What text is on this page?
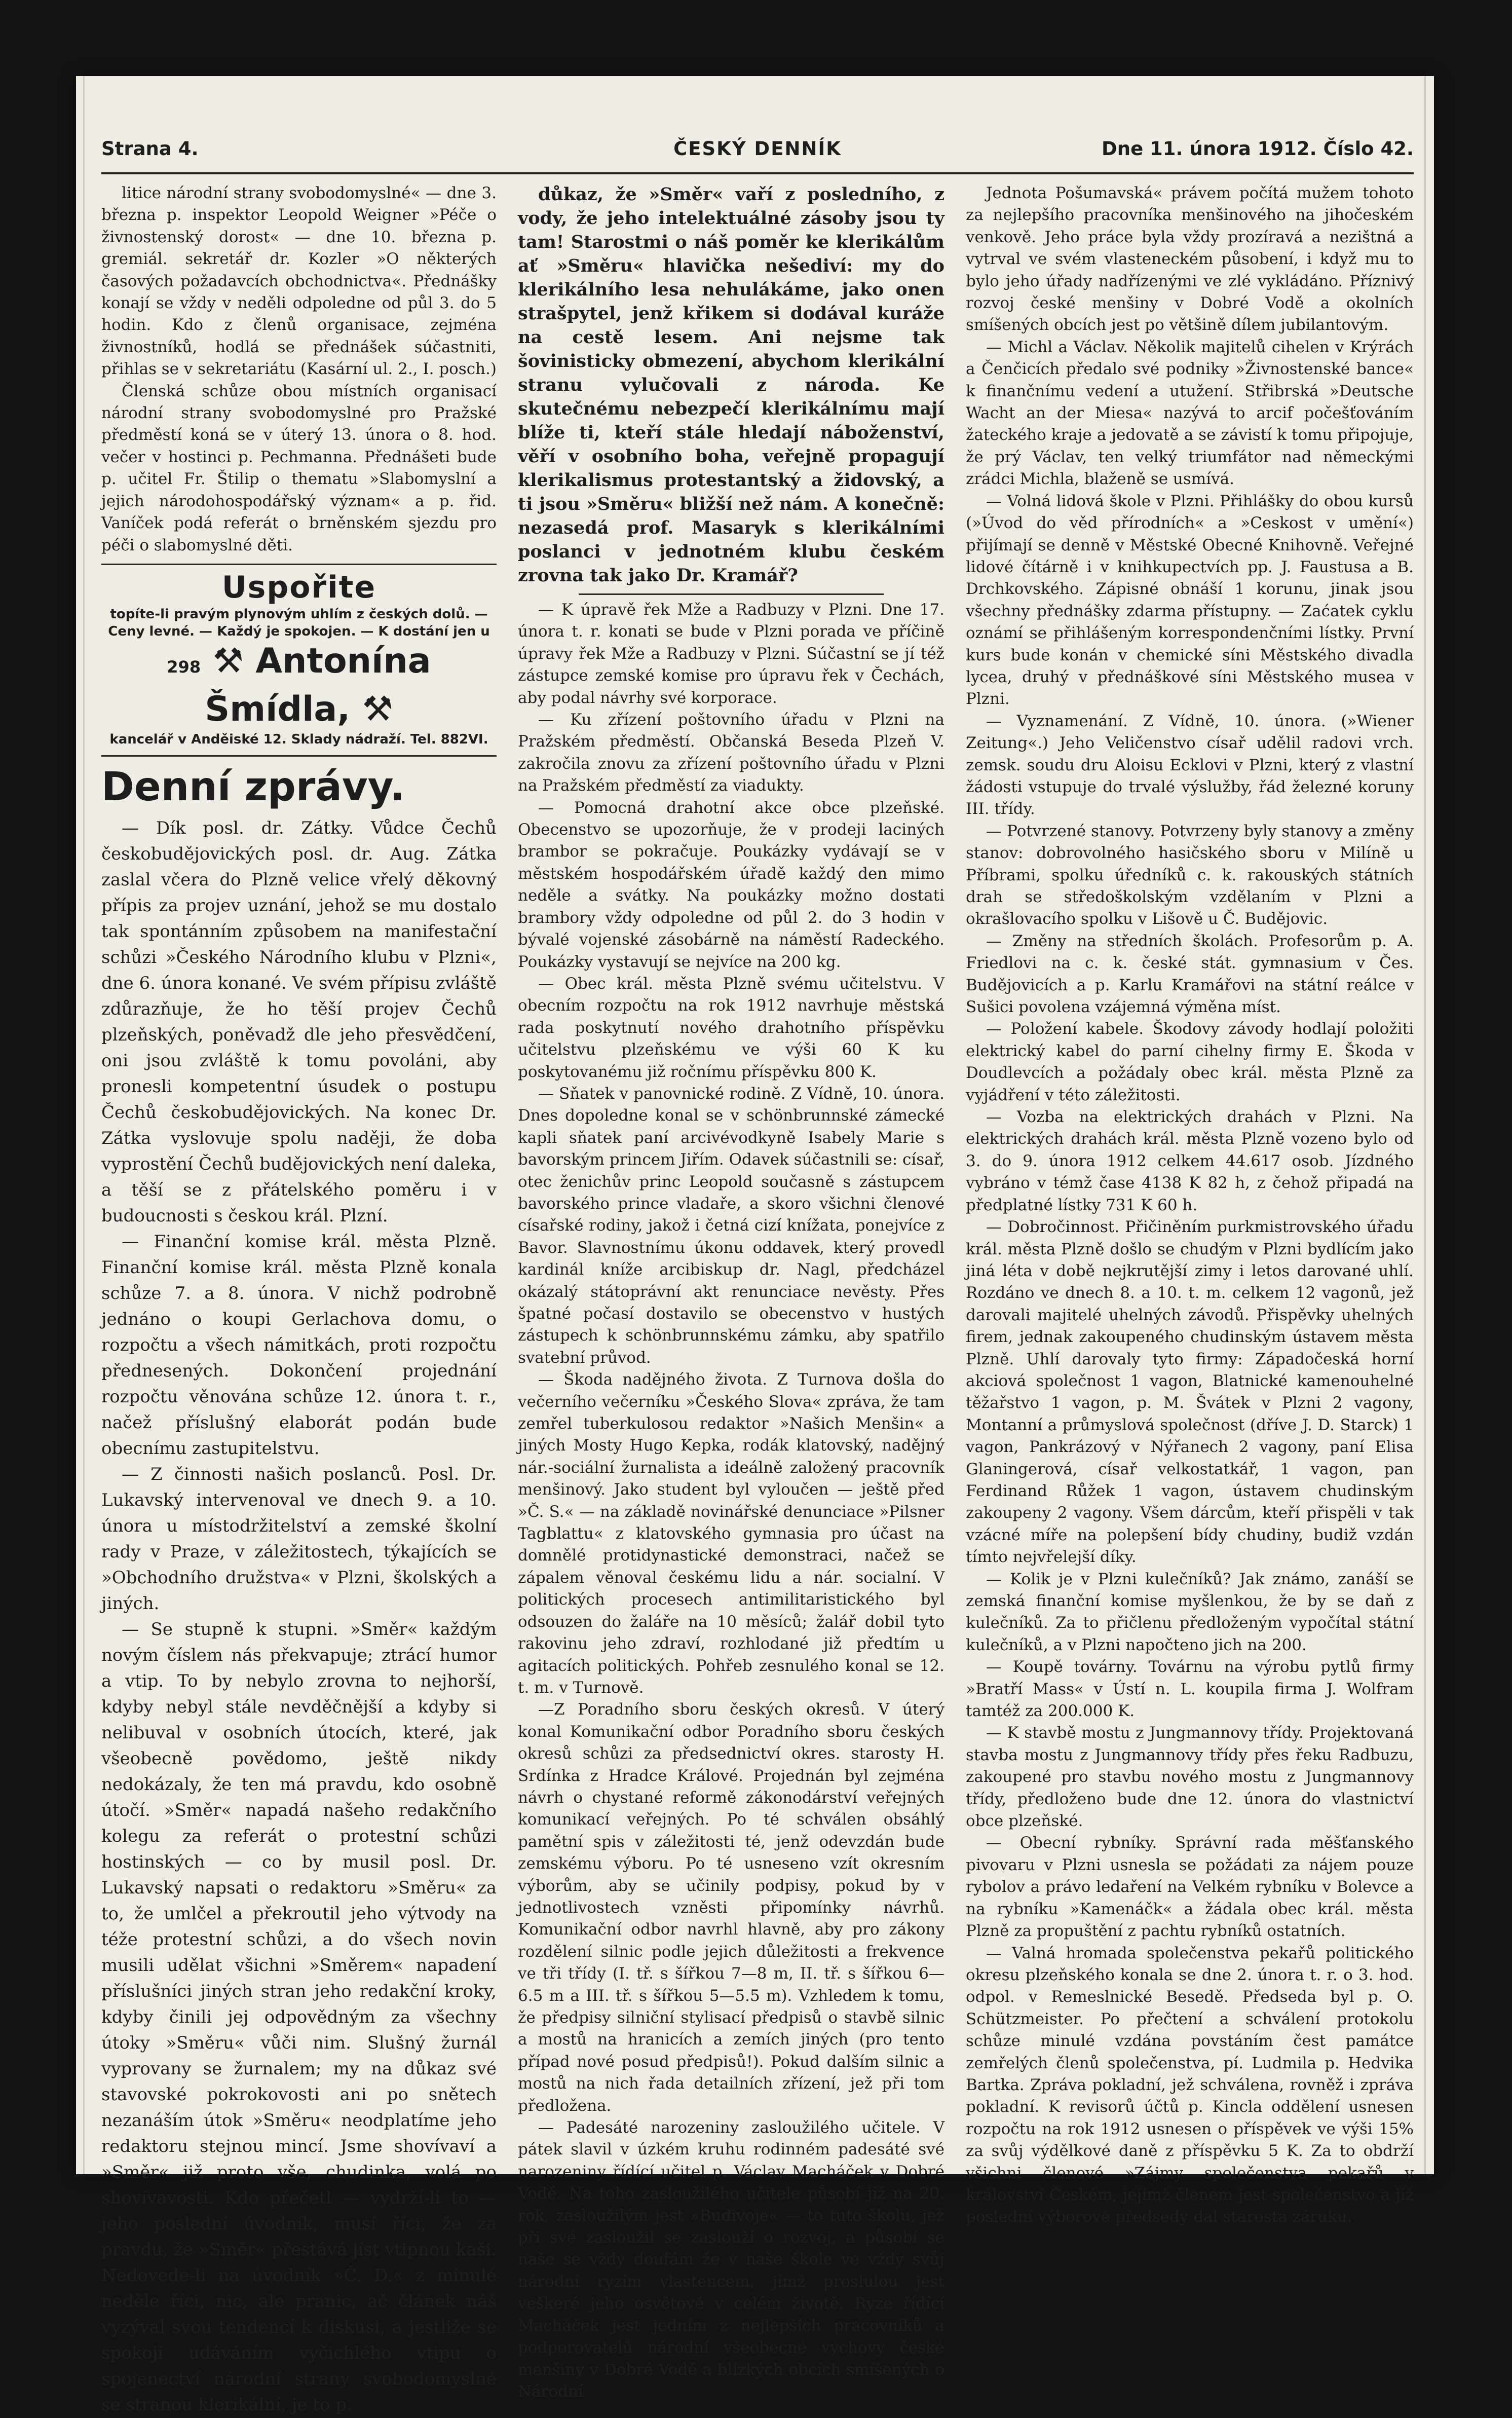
Strana 4.	ČESKÝ DENNÍK	Dne 11. února 1912. Číslo 42.

litice národní strany svobodomyslné« — dne 3. března p. inspektor Leopold Weigner »Péče o živnostenský dorost« — dne 10. března p. gremiál. sekretář dr. Kozler »O některých časových požadavcích obchodnictva«. Přednášky konají se vždy v neděli odpoledne od půl 3. do 5 hodin. Kdo z členů organisace, zejména živnostníků, hodlá se přednášek súčastniti, přihlas se v sekretariátu (Kasární ul. 2., I. posch.)

Členská schůze obou místních organisací národní strany svobodomyslné pro Pražské předměstí koná se v úterý 13. února o 8. hod. večer v hostinci p. Pechmanna. Přednášeti bude p. učitel Fr. Štilip o thematu »Slabomyslní a jejich národohospodářský význam« a p. řid. Vaníček podá referát o brněnském sjezdu pro péči o slabomyslné děti.

Uspořite
topíte-li pravým plynovým uhlím z českých dolů. — Ceny levné. — Každý je spokojen. — K dostání jen u
298 ⚒ Antonína Šmídla, ⚒
kancelář v Anděiské 12. Sklady nádraží. Tel. 882VI.
Denní zprávy.

— Dík posl. dr. Zátky. Vůdce Čechů českobudějovických posl. dr. Aug. Zátka zaslal včera do Plzně velice vřelý děkovný přípis za projev uznání, jehož se mu dostalo tak spontánním způsobem na manifestační schůzi »Českého Národního klubu v Plzni«, dne 6. února konané. Ve svém přípisu zvláště zdůrazňuje, že ho těší projev Čechů plzeňských, poněvadž dle jeho přesvědčení, oni jsou zvláště k tomu povoláni, aby pronesli kompetentní úsudek o postupu Čechů českobudějovických. Na konec Dr. Zátka vyslovuje spolu naději, že doba vyprostění Čechů budějovických není daleka, a těší se z přátelského poměru i v budoucnosti s českou král. Plzní.

— Finanční komise král. města Plzně. Finanční komise král. města Plzně konala schůze 7. a 8. února. V nichž podrobně jednáno o koupi Gerlachova domu, o rozpočtu a všech námitkách, proti rozpočtu přednesených. Dokončení projednání rozpočtu věnována schůze 12. února t. r., načež příslušný elaborát podán bude obecnímu zastupitelstvu.

— Z činnosti našich poslanců. Posl. Dr. Lukavský intervenoval ve dnech 9. a 10. února u místodržitelství a zemské školní rady v Praze, v záležitostech, týkajících se »Obchodního družstva« v Plzni, školských a jiných.

— Se stupně k stupni. »Směr« každým novým číslem nás překvapuje; ztrácí humor a vtip. To by nebylo zrovna to nejhorší, kdyby nebyl stále nevděčnější a kdyby si nelibuval v osobních útocích, které, jak všeobecně povědomo, ještě nikdy nedokázaly, že ten má pravdu, kdo osobně útočí. »Směr« napadá našeho redakčního kolegu za referát o protestní schůzi hostinských — co by musil posl. Dr. Lukavský napsati o redaktoru »Směru« za to, že umlčel a překroutil jeho výtvody na téže protestní schůzi, a do všech novin musili udělat všichni »Směrem« napadení příslušníci jiných stran jeho redakční kroky, kdyby činili jej odpovědným za všechny útoky »Směru« vůči nim. Slušný žurnál vyprovany se žurnalem; my na důkaz své stavovské pokrokovosti ani po snětech nezanáším útok »Směru« neodplatíme jeho redaktoru stejnou mincí. Jsme shovívaví a »Směr« již proto vše, chudinka, volá po shovívavosti. Kdo přečetl — vydrží-li to — jeho poslední úvodník, musí říci, že za pravdu, že »Směr« přestává jíst vtipnou kaši. Nedovede-li na úvodník »Č. D.« z minulé neděle říci, nic, ale pranic, ač článek náš vyzýval svou tendencí k diskusi, a jestliže se spokojí udáváním vyčichlého vtipu o spojenectví národní strany svobodomyslné se stranou klerikální, je to p.

důkaz, že »Směr« vaří z posledního, z vody, že jeho intelektuálné zásoby jsou ty tam! Starostmi o náš poměr ke klerikálům ať »Směru« hlavička nešediví: my do klerikálního lesa nehulákáme, jako onen strašpytel, jenž křikem si dodával kuráže na cestě lesem. Ani nejsme tak šovinisticky obmezení, abychom klerikální stranu vylučovali z národa. Ke skutečnému nebezpečí klerikálnímu mají blíže ti, kteří stále hledají náboženství, věří v osobního boha, veřejně propagují klerikalismus protestantský a židovský, a ti jsou »Směru« bližší než nám. A konečně: nezasedá prof. Masaryk s klerikálními poslanci v jednotném klubu českém zrovna tak jako Dr. Kramář?

— K úpravě řek Mže a Radbuzy v Plzni. Dne 17. února t. r. konati se bude v Plzni porada ve příčině úpravy řek Mže a Radbuzy v Plzni. Súčastní se jí též zástupce zemské komise pro úpravu řek v Čechách, aby podal návrhy své korporace.

— Ku zřízení poštovního úřadu v Plzni na Pražském předměstí. Občanská Beseda Plzeň V. zakročila znovu za zřízení poštovního úřadu v Plzni na Pražském předměstí za viadukty.

— Pomocná drahotní akce obce plzeňské. Obecenstvo se upozorňuje, že v prodeji laciných brambor se pokračuje. Poukázky vydávají se v městském hospodářském úřadě každý den mimo neděle a svátky. Na poukázky možno dostati brambory vždy odpoledne od půl 2. do 3 hodin v bývalé vojenské zásobárně na náměstí Radeckého. Poukázky vystavují se nejvíce na 200 kg.

— Obec král. města Plzně svému učitelstvu. V obecním rozpočtu na rok 1912 navrhuje městská rada poskytnutí nového drahotního příspěvku učitelstvu plzeňskému ve výši 60 K ku poskytovanému již ročnímu příspěvku 800 K.

— Sňatek v panovnické rodině. Z Vídně, 10. února. Dnes dopoledne konal se v schönbrunnské zámecké kapli sňatek paní arcivévodkyně Isabely Marie s bavorským princem Jiřím. Odavek súčastnili se: císař, otec ženichův princ Leopold současně s zástupcem bavorského prince vladaře, a skoro všichni členové císařské rodiny, jakož i četná cizí knížata, ponejvíce z Bavor. Slavnostnímu úkonu oddavek, který provedl kardinál kníže arcibiskup dr. Nagl, předcházel okázalý státoprávní akt renunciace nevěsty. Přes špatné počasí dostavilo se obecenstvo v hustých zástupech k schönbrunnskému zámku, aby spatřilo svatební průvod.

— Škoda nadějného života. Z Turnova došla do večerního večerníku »Českého Slova« zpráva, že tam zemřel tuberkulosou redaktor »Našich Menšin« a jiných Mosty Hugo Kepka, rodák klatovský, nadějný nár.-sociální žurnalista a ideálně založený pracovník menšinový. Jako student byl vyloučen — ještě před »Č. S.« — na základě novinářské denunciace »Pilsner Tagblattu« z klatovského gymnasia pro účast na domnělé protidynastické demonstraci, načež se zápalem věnoval českému lidu a nár. socialní. V politických procesech antimilitaristického byl odsouzen do žaláře na 10 měsíců; žalář dobil tyto rakovinu jeho zdraví, rozhlodané již předtím u agitacích politických. Pohřeb zesnulého konal se 12. t. m. v Turnově.

—Z Poradního sboru českých okresů. V úterý konal Komunikační odbor Poradního sboru českých okresů schůzi za předsednictví okres. starosty H. Srdínka z Hradce Králové. Projednán byl zejména návrh o chystané reformě zákonodárství veřejných komunikací veřejných. Po té schválen obsáhlý pamětní spis v záležitosti té, jenž odevzdán bude zemskému výboru. Po té usneseno vzít okresním výborům, aby se učinily podpisy, pokud by v jednotlivostech vzněsti připomínky návrhů. Komunikační odbor navrhl hlavně, aby pro zákony rozdělení silnic podle jejich důležitosti a frekvence ve tři třídy (I. tř. s šířkou 7—8 m, II. tř. s šířkou 6—6.5 m a III. tř. s šířkou 5—5.5 m). Vzhledem k tomu, že předpisy silniční stylisací předpisů o stavbě silnic a mostů na hranicích a zemích jiných (pro tento případ nové posud předpisů!). Pokud dalším silnic a mostů na nich řada detailních zřízení, jež při tom předložena.

— Padesáté narozeniny zasloužilého učitele. V pátek slavil v úzkém kruhu rodinném padesáté své narozeniny řídící učitel p. Václav Macháček v Dobré Vodě. Na toho zasloužilého učitele působí již na 20. rok, zasloužilým jest »Budivoje« — to tuto školu, jež při své zasloužil se zaslouží o rozvoj, a působí se naše se vždy doufám že v naše škole ve vždy svůj národní ryzím vlastencem, jímž proslulou jest veškeré jeho osvětové v celém životě. Ryze řídící Macháček jest jedním z nejlepších pracovníků a podporovatelů národní všeobecné výchovy české menšiny v Dobré Vodě a blízkých obcích smíšených o Národní

Jednota Pošumavská« právem počítá mužem tohoto za nejlepšího pracovníka menšinového na jihočeském venkově. Jeho práce byla vždy prozíravá a nezištná a vytrval ve svém vlasteneckém působení, i když mu to bylo jeho úřady nadřízenými ve zlé vykládáno. Příznivý rozvoj české menšiny v Dobré Vodě a okolních smíšených obcích jest po většině dílem jubilantovým.

— Michl a Václav. Několik majitelů cihelen v Krýrách a Čenčicích předalo své podniky »Živnostenské bance« k finančnímu vedení a utužení. Střibrská »Deutsche Wacht an der Miesa« nazývá to arcif počešťováním žateckého kraje a jedovatě a se závistí k tomu připojuje, že prý Václav, ten velký triumfátor nad německými zrádci Michla, blaženě se usmívá.

— Volná lidová škole v Plzni. Přihlášky do obou kursů (»Úvod do věd přírodních« a »Ceskost v umění«) přijímají se denně v Městské Obecné Knihovně. Veřejné lidové čítárně i v knihkupectvích pp. J. Faustusa a B. Drchkovského. Zápisné obnáší 1 korunu, jinak jsou všechny přednášky zdarma přístupny. — Zaćatek cyklu oznámí se přihlášeným korrespondenčními lístky. První kurs bude konán v chemické síni Městského divadla lycea, druhý v přednáškové síni Městského musea v Plzni.

— Vyznamenání. Z Vídně, 10. února. (»Wiener Zeitung«.) Jeho Veličenstvo císař udělil radovi vrch. zemsk. soudu dru Aloisu Ecklovi v Plzni, který z vlastní žádosti vstupuje do trvalé výslužby, řád železné koruny III. třídy.

— Potvrzené stanovy. Potvrzeny byly stanovy a změny stanov: dobrovolného hasičského sboru v Milíně u Příbrami, spolku úředníků c. k. rakouských státních drah se středoškolským vzdělaním v Plzni a okrašlovacího spolku v Lišově u Č. Budějovic.

— Změny na středních školách. Profesorům p. A. Friedlovi na c. k. české stát. gymnasium v Čes. Budějovicích a p. Karlu Kramářovi na státní reálce v Sušici povolena vzájemná výměna míst.

— Položení kabele. Škodovy závody hodlají položiti elektrický kabel do parní cihelny firmy E. Škoda v Doudlevcích a požádaly obec král. města Plzně za vyjádření v této záležitosti.

— Vozba na elektrických drahách v Plzni. Na elektrických drahách král. města Plzně vozeno bylo od 3. do 9. února 1912 celkem 44.617 osob. Jízdného vybráno v témž čase 4138 K 82 h, z čehož připadá na předplatné lístky 731 K 60 h.

— Dobročinnost. Přičiněním purkmistrovského úřadu král. města Plzně došlo se chudým v Plzni bydlícím jako jiná léta v době nejkrutější zimy i letos darované uhlí. Rozdáno ve dnech 8. a 10. t. m. celkem 12 vagonů, jež darovali majitelé uhelných závodů. Přispěvky uhelných firem, jednak zakoupeného chudinským ústavem města Plzně. Uhlí darovaly tyto firmy: Západočeská horní akciová společnost 1 vagon, Blatnické kamenouhelné těžařstvo 1 vagon, p. M. Švátek v Plzni 2 vagony, Montanní a průmyslová společnost (dříve J. D. Starck) 1 vagon, Pankrázový v Nýřanech 2 vagony, paní Elisa Glaningerová, císař velkostatkář, 1 vagon, pan Ferdinand Růžek 1 vagon, ústavem chudinským zakoupeny 2 vagony. Všem dárcům, kteří přispěli v tak vzácné míře na polepšení bídy chudiny, budiž vzdán tímto nejvřelejší díky.

— Kolik je v Plzni kulečníků? Jak známo, zanáší se zemská finanční komise myšlenkou, že by se daň z kulečníků. Za to přičlenu předloženým vypočítal státní kulečníků, a v Plzni napočteno jich na 200.

— Koupě továrny. Továrnu na výrobu pytlů firmy »Bratří Mass« v Ústí n. L. koupila firma J. Wolfram tamtéž za 200.000 K.

— K stavbě mostu z Jungmannovy třídy. Projektovaná stavba mostu z Jungmannovy třídy přes řeku Radbuzu, zakoupené pro stavbu nového mostu z Jungmannovy třídy, předloženo bude dne 12. února do vlastnictví obce plzeňské.

— Obecní rybníky. Správní rada měšťanského pivovaru v Plzni usnesla se požádati za nájem pouze rybolov a právo ledaření na Velkém rybníku v Bolevce a na rybníku »Kamenáčk« a žádala obec král. města Plzně za propuštění z pachtu rybníků ostatních.

— Valná hromada společenstva pekařů politického okresu plzeňského konala se dne 2. února t. r. o 3. hod. odpol. v Remeslnické Besedě. Předseda byl p. O. Schützmeister. Po přečtení a schválení protokolu schůze minulé vzdána povstáním čest památce zemřelých členů společenstva, pí. Ludmila p. Hedvika Bartka. Zpráva pokladní, jež schválena, rovněž i zpráva pokladní. K revisorů účtů p. Kincla oddělení usnesen rozpočtu na rok 1912 usnesen o příspěvek ve výši 15% za svůj výdělkové daně z příspěvku 5 K. Za to obdrží všichni členové »Zájmy společenstva pekařů v království Českém, jejímž členem jest společenstvo a již poslední výborové předsedy dal starosta záruku.
